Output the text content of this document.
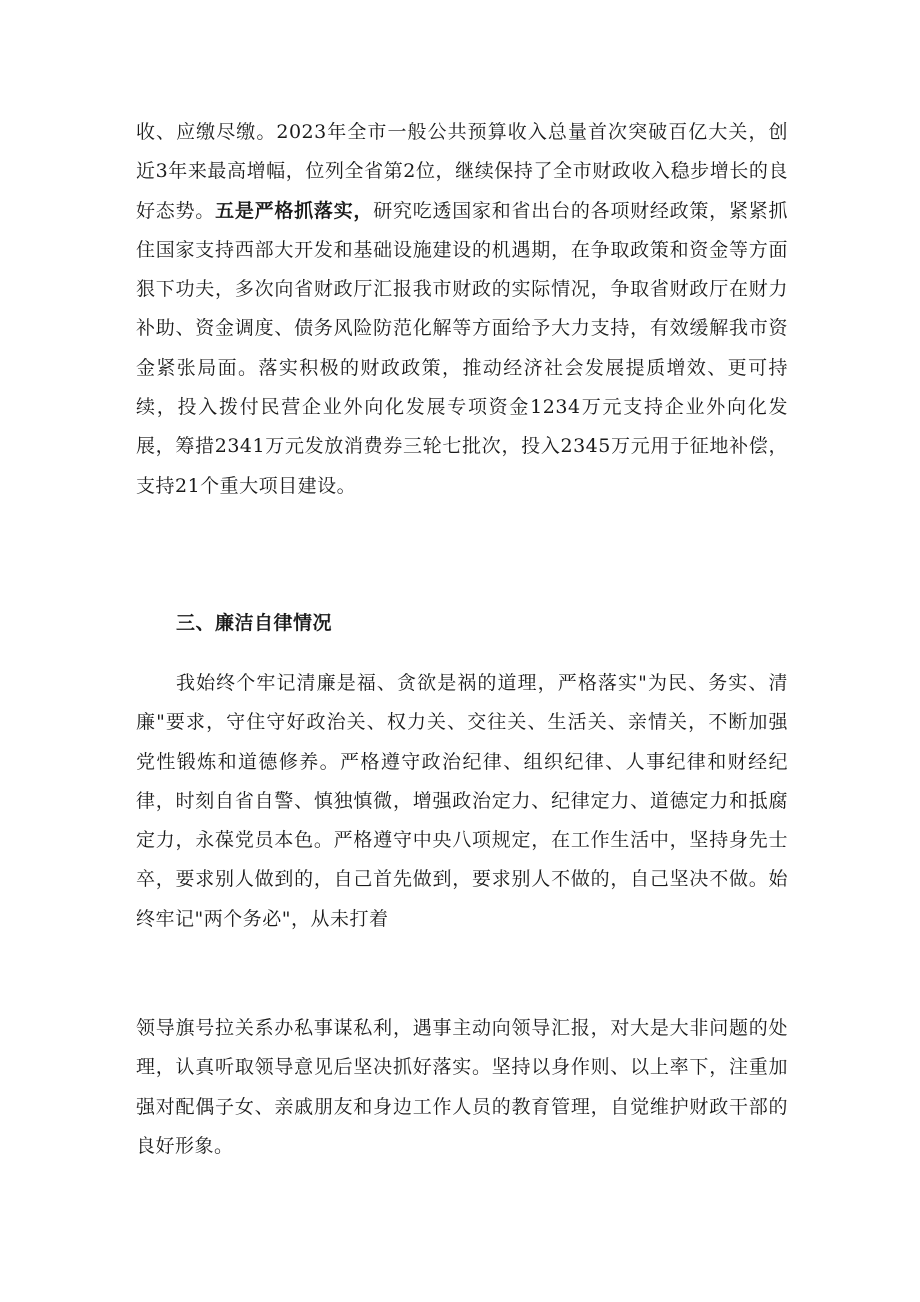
收、应缴尽缴。2023年全市一般公共预算收入总量首次突破百亿大关，创近3年来最高增幅，位列全省第2位，继续保持了全市财政收入稳步增长的良好态势。五是严格抓落实，研究吃透国家和省出台的各项财经政策，紧紧抓住国家支持西部大开发和基础设施建设的机遇期，在争取政策和资金等方面狠下功夫，多次向省财政厅汇报我市财政的实际情况，争取省财政厅在财力补助、资金调度、债务风险防范化解等方面给予大力支持，有效缓解我市资金紧张局面。落实积极的财政政策，推动经济社会发展提质增效、更可持续，投入拨付民营企业外向化发展专项资金1234万元支持企业外向化发展，筹措2341万元发放消费券三轮七批次，投入2345万元用于征地补偿，支持21个重大项目建设。

三、廉洁自律情况

我始终个牢记清廉是福、贪欲是祸的道理，严格落实"为民、务实、清廉"要求，守住守好政治关、权力关、交往关、生活关、亲情关，不断加强党性锻炼和道德修养。严格遵守政治纪律、组织纪律、人事纪律和财经纪律，时刻自省自警、慎独慎微，增强政治定力、纪律定力、道德定力和抵腐定力，永葆党员本色。严格遵守中央八项规定，在工作生活中，坚持身先士卒，要求别人做到的，自己首先做到，要求别人不做的，自己坚决不做。始终牢记"两个务必"，从未打着

领导旗号拉关系办私事谋私利，遇事主动向领导汇报，对大是大非问题的处理，认真听取领导意见后坚决抓好落实。坚持以身作则、以上率下，注重加强对配偶子女、亲戚朋友和身边工作人员的教育管理，自觉维护财政干部的良好形象。
